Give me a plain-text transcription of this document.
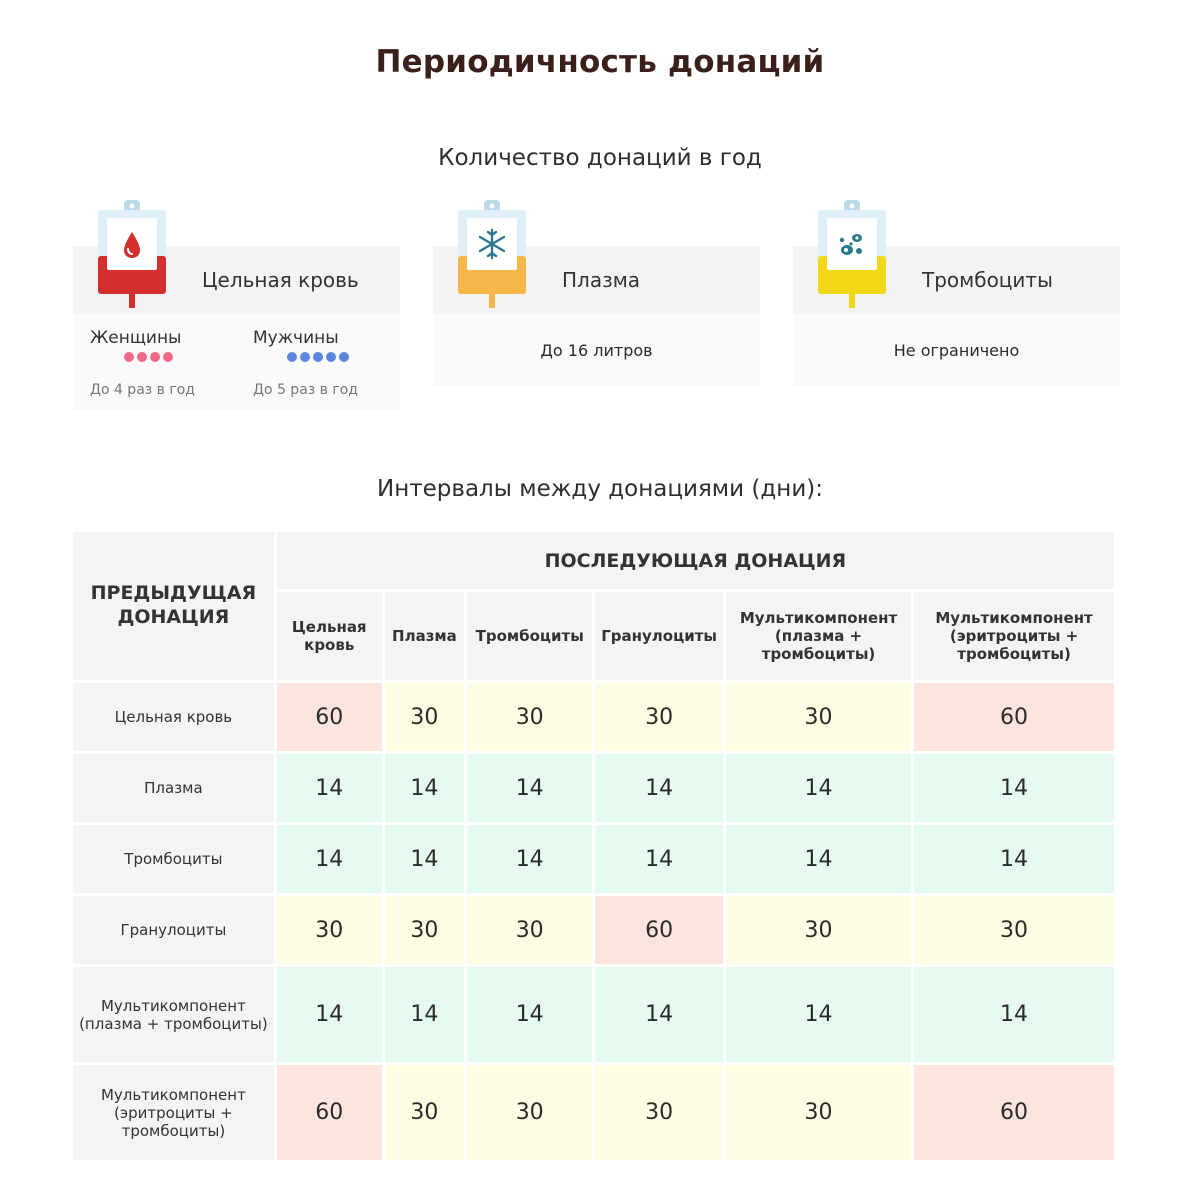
Периодичность донаций
Количество донаций в год
Цельная кровь
Женщины
До 4 раз в год
Мужчины
До 5 раз в год
Плазма
До 16 литров
Тромбоциты
Не ограничено
Интервалы между донациями (дни):
ПРЕДЫДУЩАЯ ДОНАЦИЯ	ПОСЛЕДУЮЩАЯ ДОНАЦИЯ					
	Цельная кровь	Плазма	Тромбоциты	Гранулоциты	Мультикомпонент (плазма + тромбоциты)	Мультикомпонент (эритроциты + тромбоциты)
Цельная кровь	60	30	30	30	30	60
Плазма	14	14	14	14	14	14
Тромбоциты	14	14	14	14	14	14
Гранулоциты	30	30	30	60	30	30
Мультикомпонент (плазма + тромбоциты)	14	14	14	14	14	14
Мультикомпонент (эритроциты + тромбоциты)	60	30	30	30	30	60
